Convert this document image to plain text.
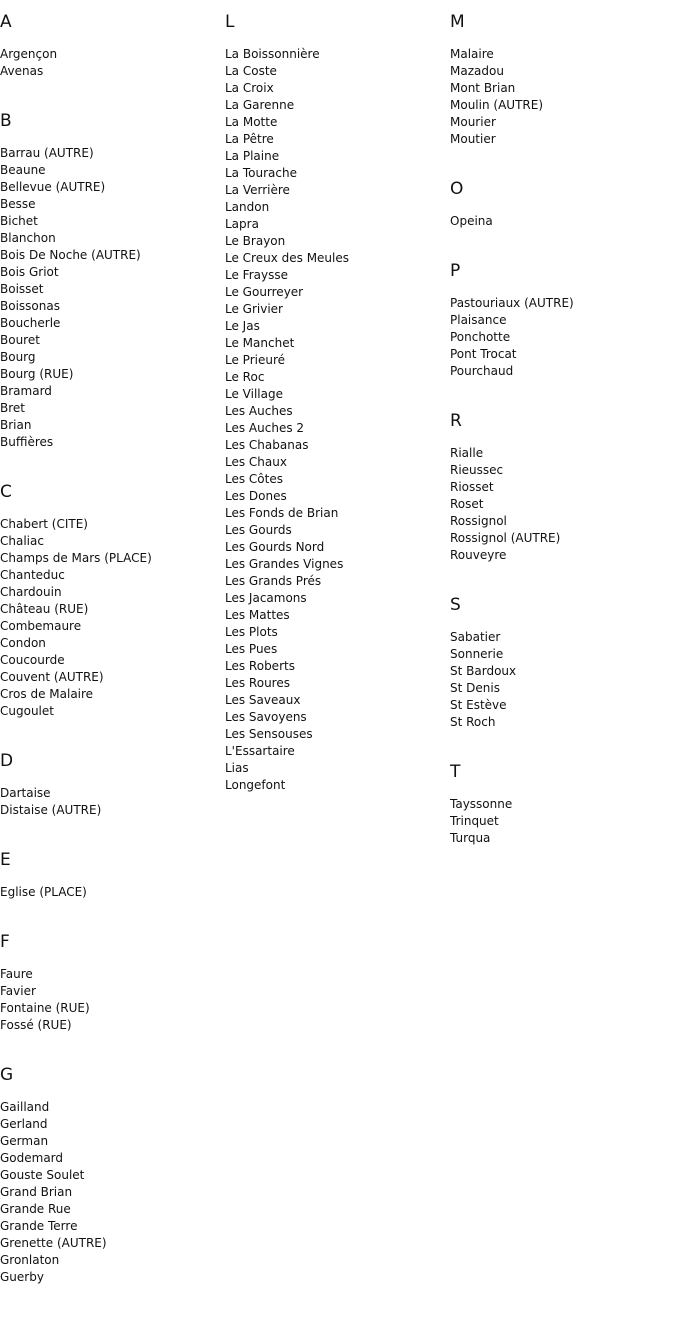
A
Argençon
Avenas
B
Barrau (AUTRE)
Beaune
Bellevue (AUTRE)
Besse
Bichet
Blanchon
Bois De Noche (AUTRE)
Bois Griot
Boisset
Boissonas
Boucherle
Bouret
Bourg
Bourg (RUE)
Bramard
Bret
Brian
Buffières
C
Chabert (CITE)
Chaliac
Champs de Mars (PLACE)
Chanteduc
Chardouin
Château (RUE)
Combemaure
Condon
Coucourde
Couvent (AUTRE)
Cros de Malaire
Cugoulet
D
Dartaise
Distaise (AUTRE)
E
Eglise (PLACE)
F
Faure
Favier
Fontaine (RUE)
Fossé (RUE)
G
Gailland
Gerland
German
Godemard
Gouste Soulet
Grand Brian
Grande Rue
Grande Terre
Grenette (AUTRE)
Gronlaton
Guerby
L
La Boissonnière
La Coste
La Croix
La Garenne
La Motte
La Pêtre
La Plaine
La Tourache
La Verrière
Landon
Lapra
Le Brayon
Le Creux des Meules
Le Fraysse
Le Gourreyer
Le Grivier
Le Jas
Le Manchet
Le Prieuré
Le Roc
Le Village
Les Auches
Les Auches 2
Les Chabanas
Les Chaux
Les Côtes
Les Dones
Les Fonds de Brian
Les Gourds
Les Gourds Nord
Les Grandes Vignes
Les Grands Prés
Les Jacamons
Les Mattes
Les Plots
Les Pues
Les Roberts
Les Roures
Les Saveaux
Les Savoyens
Les Sensouses
L'Essartaire
Lias
Longefont
M
Malaire
Mazadou
Mont Brian
Moulin (AUTRE)
Mourier
Moutier
O
Opeina
P
Pastouriaux (AUTRE)
Plaisance
Ponchotte
Pont Trocat
Pourchaud
R
Rialle
Rieussec
Riosset
Roset
Rossignol
Rossignol (AUTRE)
Rouveyre
S
Sabatier
Sonnerie
St Bardoux
St Denis
St Estève
St Roch
T
Tayssonne
Trinquet
Turqua
